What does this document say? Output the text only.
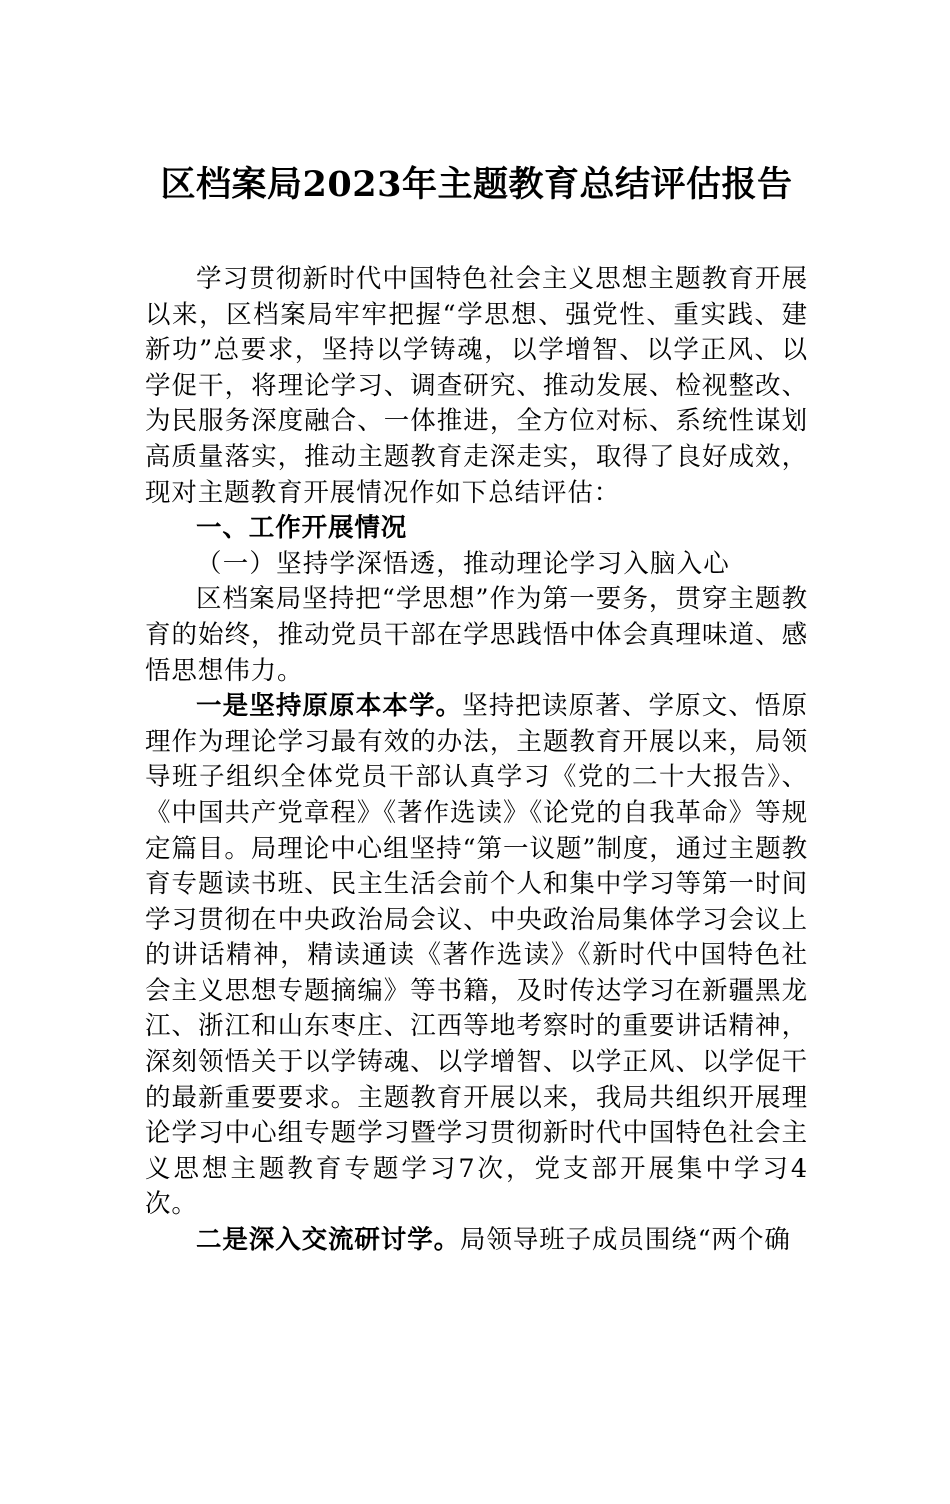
区档案局2023年主题教育总结评估报告

学习贯彻新时代中国特色社会主义思想主题教育开展以来，区档案局牢牢把握“学思想、强党性、重实践、建新功”总要求，坚持以学铸魂，以学增智、以学正风、以学促干，将理论学习、调查研究、推动发展、检视整改、为民服务深度融合、一体推进，全方位对标、系统性谋划高质量落实，推动主题教育走深走实，取得了良好成效，现对主题教育开展情况作如下总结评估：

一、工作开展情况

（一）坚持学深悟透，推动理论学习入脑入心

区档案局坚持把“学思想”作为第一要务，贯穿主题教育的始终，推动党员干部在学思践悟中体会真理味道、感悟思想伟力。

一是坚持原原本本学。坚持把读原著、学原文、悟原理作为理论学习最有效的办法，主题教育开展以来，局领导班子组织全体党员干部认真学习《党的二十大报告》、《中国共产党章程》《著作选读》《论党的自我革命》等规定篇目。局理论中心组坚持“第一议题”制度，通过主题教育专题读书班、民主生活会前个人和集中学习等第一时间学习贯彻在中央政治局会议、中央政治局集体学习会议上的讲话精神，精读通读《著作选读》《新时代中国特色社会主义思想专题摘编》等书籍，及时传达学习在新疆黑龙江、浙江和山东枣庄、江西等地考察时的重要讲话精神，深刻领悟关于以学铸魂、以学增智、以学正风、以学促干的最新重要要求。主题教育开展以来，我局共组织开展理论学习中心组专题学习暨学习贯彻新时代中国特色社会主义思想主题教育专题学习7次，党支部开展集中学习4次。

二是深入交流研讨学。局领导班子成员围绕“两个确
